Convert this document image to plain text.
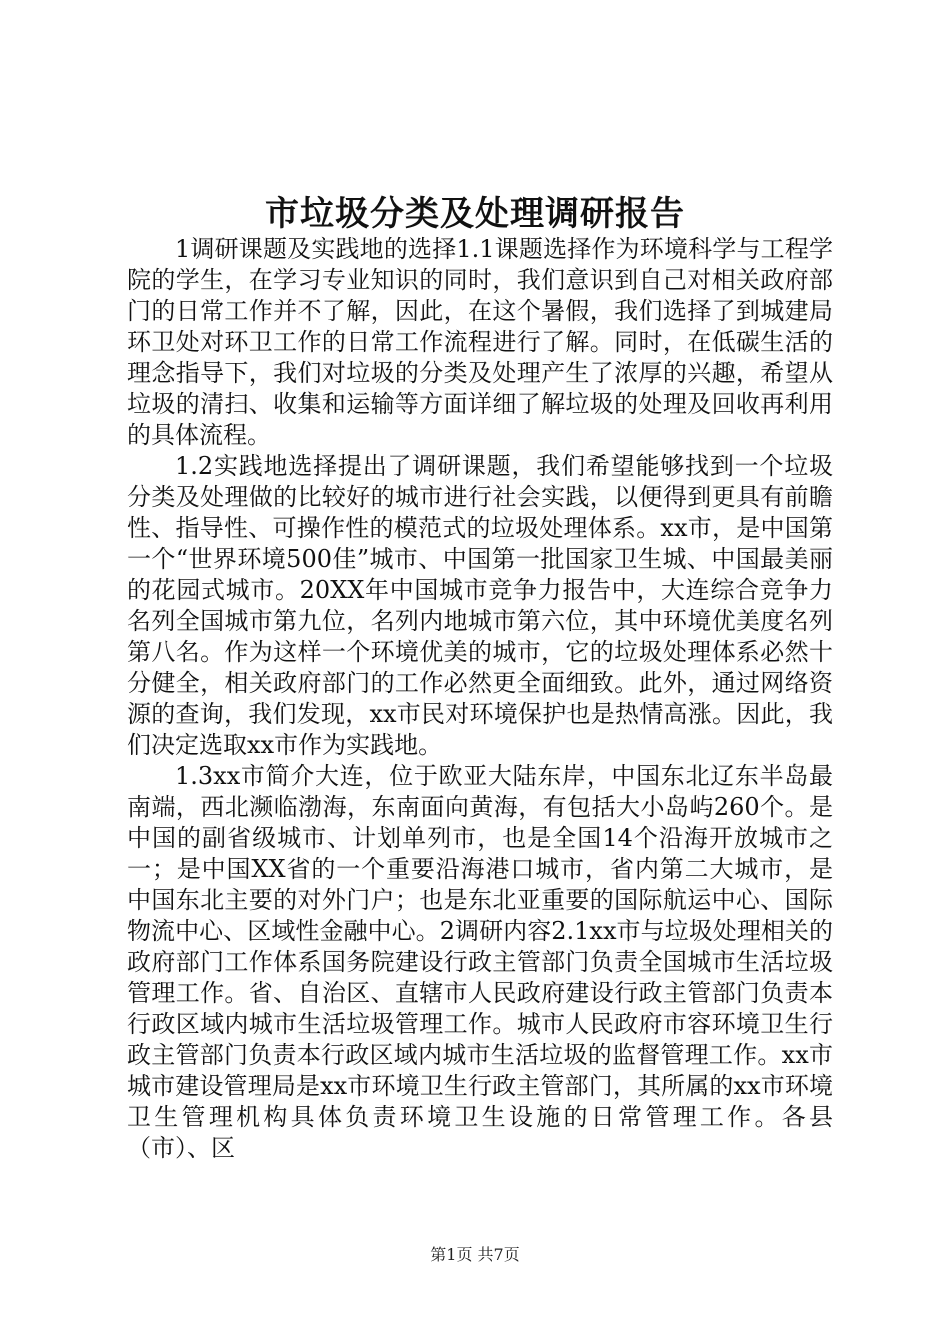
市垃圾分类及处理调研报告

1调研课题及实践地的选择1.1课题选择作为环境科学与工程学院的学生，在学习专业知识的同时，我们意识到自己对相关政府部门的日常工作并不了解，因此，在这个暑假，我们选择了到城建局环卫处对环卫工作的日常工作流程进行了解。同时，在低碳生活的理念指导下，我们对垃圾的分类及处理产生了浓厚的兴趣，希望从垃圾的清扫、收集和运输等方面详细了解垃圾的处理及回收再利用的具体流程。

1.2实践地选择提出了调研课题，我们希望能够找到一个垃圾分类及处理做的比较好的城市进行社会实践，以便得到更具有前瞻性、指导性、可操作性的模范式的垃圾处理体系。xx市，是中国第一个“世界环境500佳”城市、中国第一批国家卫生城、中国最美丽的花园式城市。20XX年中国城市竞争力报告中，大连综合竞争力名列全国城市第九位，名列内地城市第六位，其中环境优美度名列第八名。作为这样一个环境优美的城市，它的垃圾处理体系必然十分健全，相关政府部门的工作必然更全面细致。此外，通过网络资源的查询，我们发现，xx市民对环境保护也是热情高涨。因此，我们决定选取xx市作为实践地。

1.3xx市简介大连，位于欧亚大陆东岸，中国东北辽东半岛最南端，西北濒临渤海，东南面向黄海，有包括大小岛屿260个。是中国的副省级城市、计划单列市，也是全国14个沿海开放城市之一；是中国XX省的一个重要沿海港口城市，省内第二大城市，是中国东北主要的对外门户；也是东北亚重要的国际航运中心、国际物流中心、区域性金融中心。2调研内容2.1xx市与垃圾处理相关的政府部门工作体系国务院建设行政主管部门负责全国城市生活垃圾管理工作。省、自治区、直辖市人民政府建设行政主管部门负责本行政区域内城市生活垃圾管理工作。城市人民政府市容环境卫生行政主管部门负责本行政区域内城市生活垃圾的监督管理工作。xx市城市建设管理局是xx市环境卫生行政主管部门，其所属的xx市环境卫生管理机构具体负责环境卫生设施的日常管理工作。各县（市）、区

第1页 共7页
